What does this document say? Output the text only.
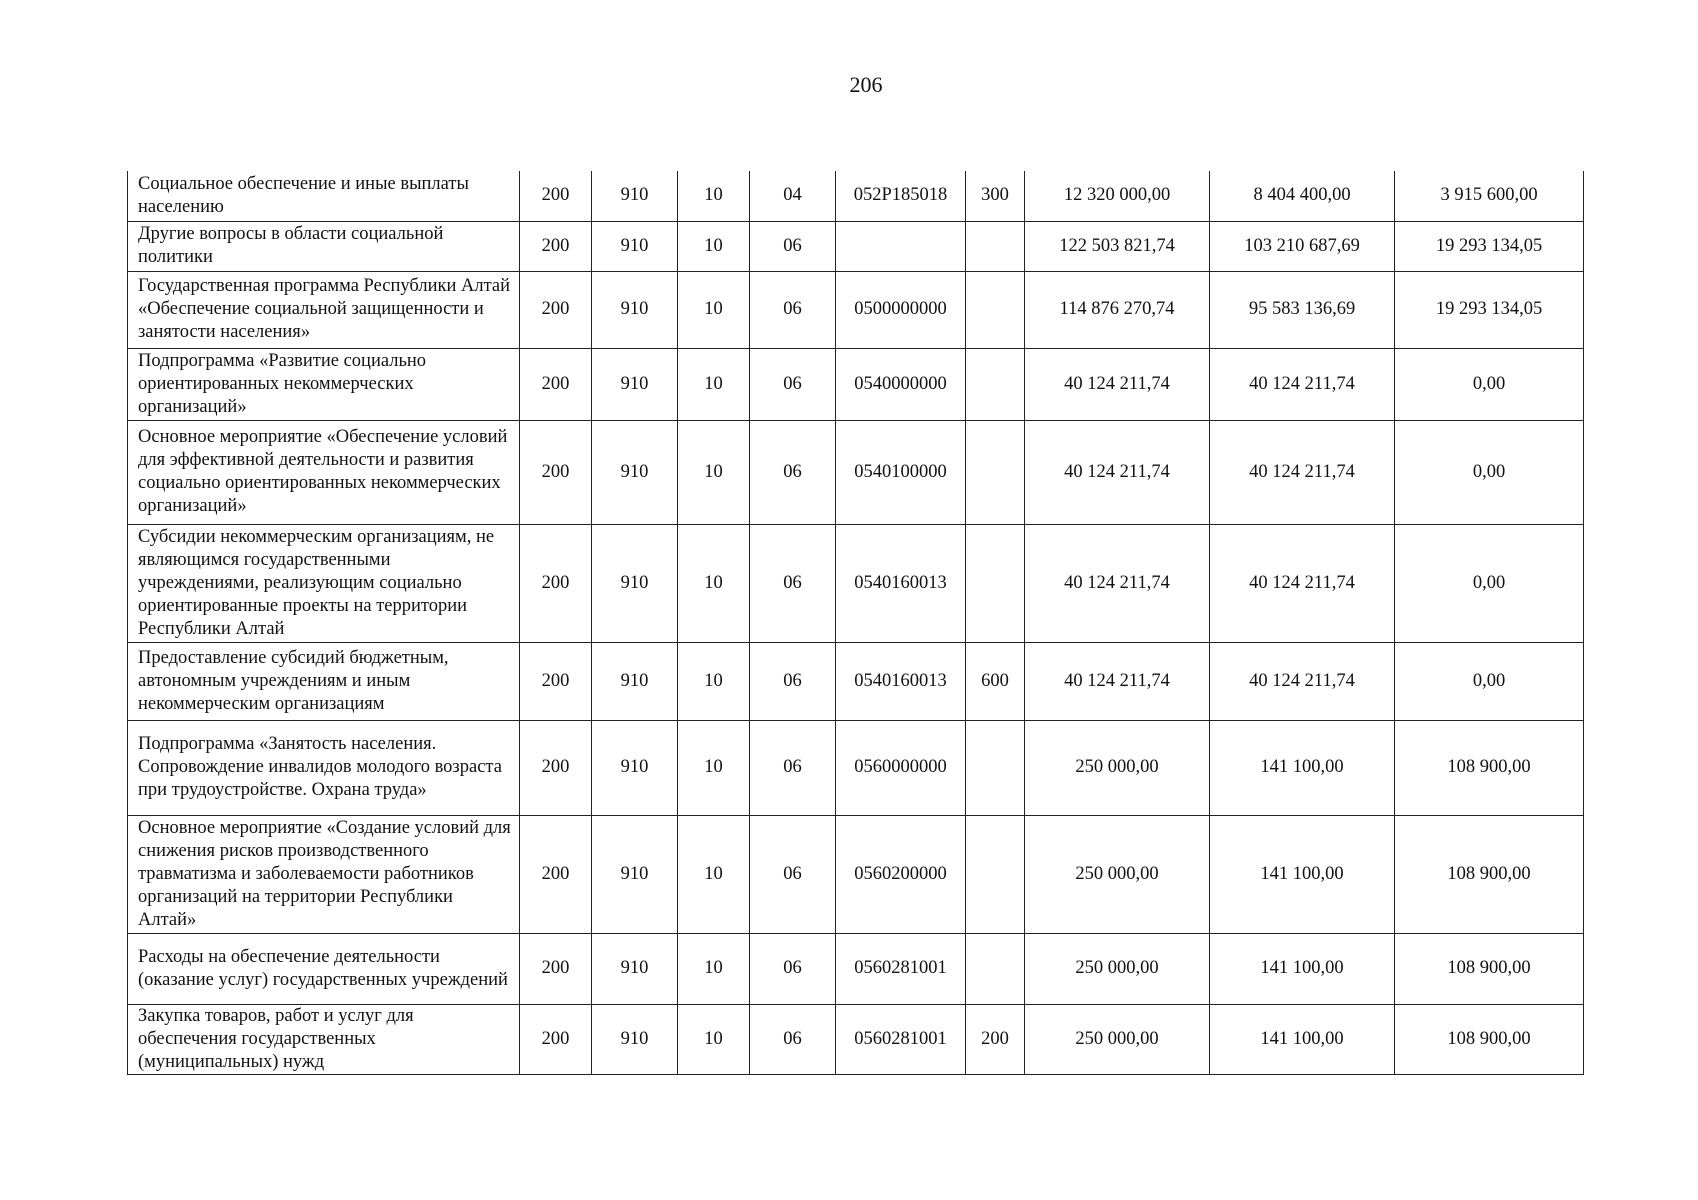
206
Социальное обеспечение и иные выплаты населению	200	910	10	04	052P185018	300	12 320 000,00	8 404 400,00	3 915 600,00
Другие вопросы в области социальной политики	200	910	10	06			122 503 821,74	103 210 687,69	19 293 134,05
Государственная программа Республики Алтай «Обеспечение социальной защищенности и занятости населения»	200	910	10	06	0500000000		114 876 270,74	95 583 136,69	19 293 134,05
Подпрограмма «Развитие социально ориентированных некоммерческих организаций»	200	910	10	06	0540000000		40 124 211,74	40 124 211,74	0,00
Основное мероприятие «Обеспечение условий для эффективной деятельности и развития социально ориентированных некоммерческих организаций»	200	910	10	06	0540100000		40 124 211,74	40 124 211,74	0,00
Субсидии некоммерческим организациям, не являющимся государственными учреждениями, реализующим социально ориентированные проекты на территории Республики Алтай	200	910	10	06	0540160013		40 124 211,74	40 124 211,74	0,00
Предоставление субсидий бюджетным, автономным учреждениям и иным некоммерческим организациям	200	910	10	06	0540160013	600	40 124 211,74	40 124 211,74	0,00
Подпрограмма «Занятость населения. Сопровождение инвалидов молодого возраста при трудоустройстве. Охрана труда»	200	910	10	06	0560000000		250 000,00	141 100,00	108 900,00
Основное мероприятие «Создание условий для снижения рисков производственного травматизма и заболеваемости работников организаций на территории Республики Алтай»	200	910	10	06	0560200000		250 000,00	141 100,00	108 900,00
Расходы на обеспечение деятельности (оказание услуг) государственных учреждений	200	910	10	06	0560281001		250 000,00	141 100,00	108 900,00
Закупка товаров, работ и услуг для обеспечения государственных (муниципальных) нужд	200	910	10	06	0560281001	200	250 000,00	141 100,00	108 900,00
